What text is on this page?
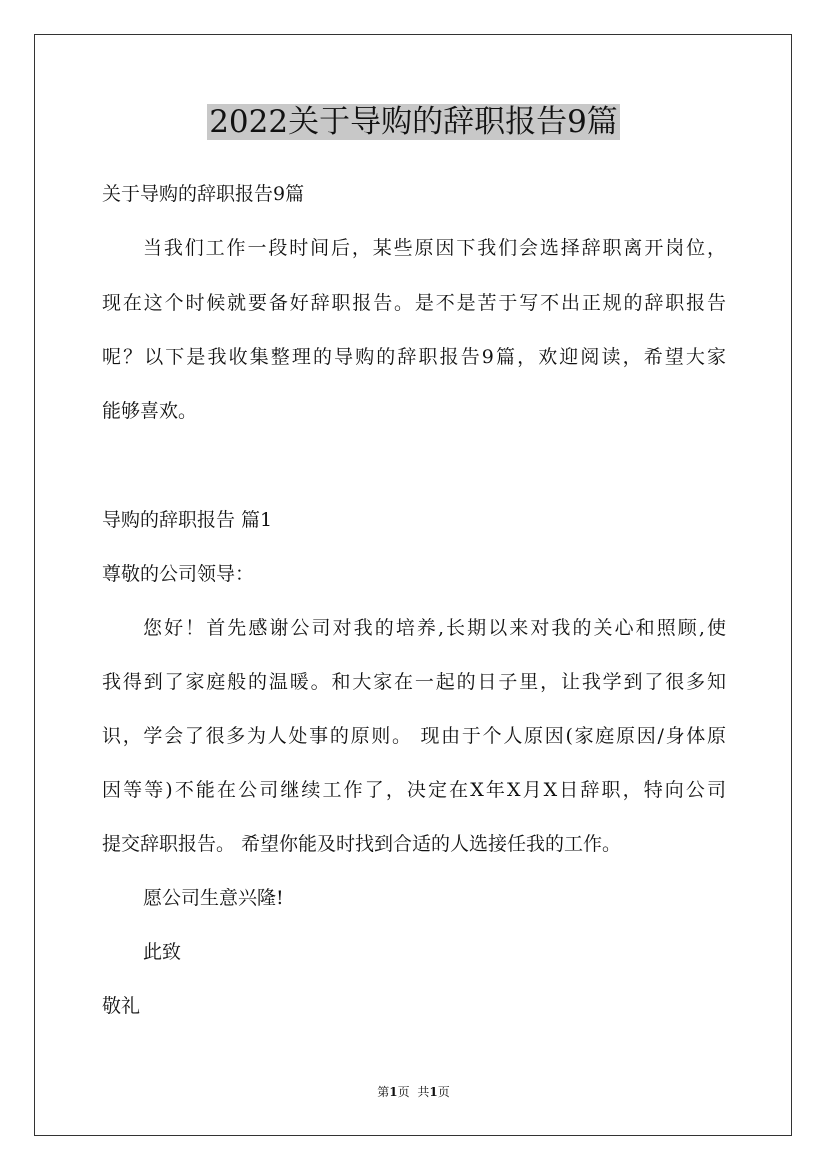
2022关于导购的辞职报告9篇
关于导购的辞职报告9篇
当我们工作一段时间后，某些原因下我们会选择辞职离开岗位，
现在这个时候就要备好辞职报告。是不是苦于写不出正规的辞职报告
呢？以下是我收集整理的导购的辞职报告9篇，欢迎阅读，希望大家
能够喜欢。
导购的辞职报告 篇1
尊敬的公司领导：
您好！首先感谢公司对我的培养,长期以来对我的关心和照顾,使
我得到了家庭般的温暖。和大家在一起的日子里，让我学到了很多知
识，学会了很多为人处事的原则。 现由于个人原因(家庭原因/身体原
因等等)不能在公司继续工作了，决定在X年X月X日辞职，特向公司
提交辞职报告。 希望你能及时找到合适的人选接任我的工作。
愿公司生意兴隆!
此致
敬礼
第1页 共1页
